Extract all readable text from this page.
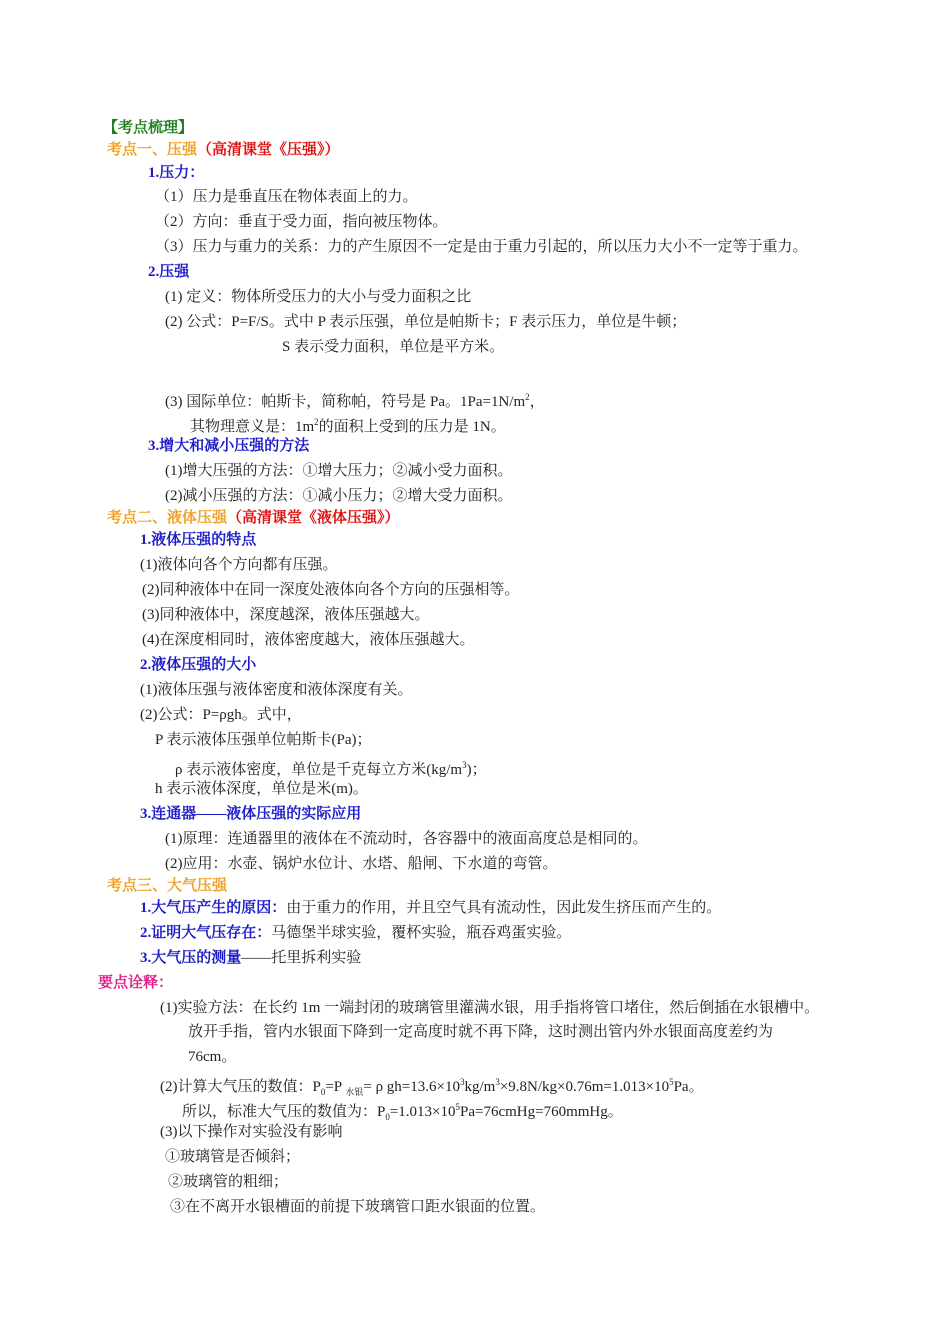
【考点梳理】
考点一、压强（高清课堂《压强》）
1.压力：
（1）压力是垂直压在物体表面上的力。
（2）方向：垂直于受力面，指向被压物体。
（3）压力与重力的关系：力的产生原因不一定是由于重力引起的，所以压力大小不一定等于重力。
2.压强
(1) 定义：物体所受压力的大小与受力面积之比
(2) 公式：P=F/S。式中 P 表示压强，单位是帕斯卡；F 表示压力，单位是牛顿；
S 表示受力面积，单位是平方米。
(3) 国际单位：帕斯卡，简称帕，符号是 Pa。$1Pa=1N/m^2$，
其物理意义是：$1m^2$的面积上受到的压力是 1N。
3.增大和减小压强的方法
(1)增大压强的方法：①增大压力；②减小受力面积。
(2)减小压强的方法：①减小压力；②增大受力面积。
考点二、液体压强（高清课堂《液体压强》）
1.液体压强的特点
(1)液体向各个方向都有压强。
(2)同种液体中在同一深度处液体向各个方向的压强相等。
(3)同种液体中，深度越深，液体压强越大。
(4)在深度相同时，液体密度越大，液体压强越大。
2.液体压强的大小
(1)液体压强与液体密度和液体深度有关。
(2)公式：P=ρgh。式中，
P 表示液体压强单位帕斯卡(Pa)；
ρ 表示液体密度，单位是千克每立方米$(kg/m^3)$；
h 表示液体深度，单位是米(m)。
3.连通器——液体压强的实际应用
(1)原理：连通器里的液体在不流动时，各容器中的液面高度总是相同的。
(2)应用：水壶、锅炉水位计、水塔、船闸、下水道的弯管。
考点三、大气压强
1.大气压产生的原因：由于重力的作用，并且空气具有流动性，因此发生挤压而产生的。
2.证明大气压存在：马德堡半球实验，覆杯实验，瓶吞鸡蛋实验。
3.大气压的测量——托里拆利实验
要点诠释：
(1)实验方法：在长约 1m 一端封闭的玻璃管里灌满水银，用手指将管口堵住，然后倒插在水银槽中。
放开手指，管内水银面下降到一定高度时就不再下降，这时测出管内外水银面高度差约为
76cm。
(2)计算大气压的数值：$P_0=P$ $_{水银}$= ρ $gh=13.6\times 10^3kg/m^3\times 9.8N/kg\times 0.76m=1.013\times 10^5Pa$。
所以，标准大气压的数值为：$P_0=1.013\times 10^5Pa=76cmHg=760mmHg$。
(3)以下操作对实验没有影响
①玻璃管是否倾斜；
②玻璃管的粗细；
③在不离开水银槽面的前提下玻璃管口距水银面的位置。
